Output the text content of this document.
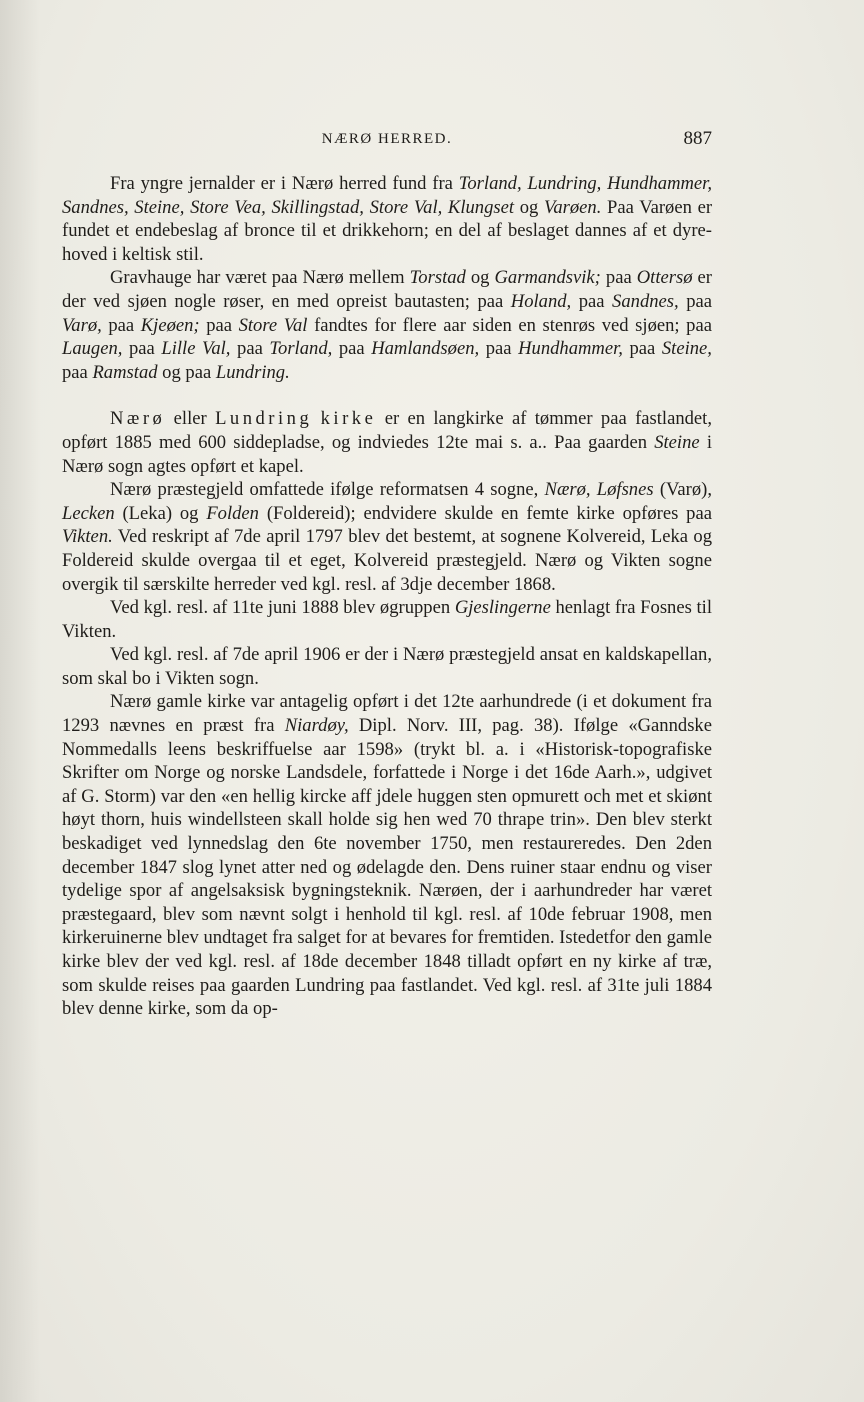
NÆRØ HERRED.	887

Fra yngre jernalder er i Nærø herred fund fra Torland, Lundring, Hundhammer, Sandnes, Steine, Store Vea, Skillingstad, Store Val, Klungset og Varøen. Paa Varøen er fundet et endebeslag af bronce til et drikkehorn; en del af beslaget dannes af et dyrehoved i keltisk stil.

Gravhauge har været paa Nærø mellem Torstad og Garmandsvik; paa Ottersø er der ved sjøen nogle røser, en med opreist bautasten; paa Holand, paa Sandnes, paa Varø, paa Kjeøen; paa Store Val fandtes for flere aar siden en stenrøs ved sjøen; paa Laugen, paa Lille Val, paa Torland, paa Hamlandsøen, paa Hundhammer, paa Steine, paa Ramstad og paa Lundring.

Nærø eller Lundring kirke er en langkirke af tømmer paa fastlandet, opført 1885 med 600 siddepladse, og indviedes 12te mai s. a.. Paa gaarden Steine i Nærø sogn agtes opført et kapel.

Nærø præstegjeld omfattede ifølge reformatsen 4 sogne, Nærø, Løfsnes (Varø), Lecken (Leka) og Folden (Foldereid); endvidere skulde en femte kirke opføres paa Vikten. Ved reskript af 7de april 1797 blev det bestemt, at sognene Kolvereid, Leka og Foldereid skulde overgaa til et eget, Kolvereid præstegjeld. Nærø og Vikten sogne overgik til særskilte herreder ved kgl. resl. af 3dje december 1868.

Ved kgl. resl. af 11te juni 1888 blev øgruppen Gjeslingerne henlagt fra Fosnes til Vikten.

Ved kgl. resl. af 7de april 1906 er der i Nærø præstegjeld ansat en kaldskapellan, som skal bo i Vikten sogn.

Nærø gamle kirke var antagelig opført i det 12te aarhundrede (i et dokument fra 1293 nævnes en præst fra Niardøy, Dipl. Norv. III, pag. 38). Ifølge «Ganndske Nommedalls leens beskriffuelse aar 1598» (trykt bl. a. i «Historisk-topografiske Skrifter om Norge og norske Landsdele, forfattede i Norge i det 16de Aarh.», udgivet af G. Storm) var den «en hellig kircke aff jdele huggen sten opmurett och met et skiønt høyt thorn, huis windellsteen skall holde sig hen wed 70 thrape trin». Den blev sterkt beskadiget ved lynnedslag den 6te november 1750, men restaureredes. Den 2den december 1847 slog lynet atter ned og ødelagde den. Dens ruiner staar endnu og viser tydelige spor af angelsaksisk bygningsteknik. Nærøen, der i aarhundreder har været præstegaard, blev som nævnt solgt i henhold til kgl. resl. af 10de februar 1908, men kirkeruinerne blev undtaget fra salget for at bevares for fremtiden. Istedetfor den gamle kirke blev der ved kgl. resl. af 18de december 1848 tilladt opført en ny kirke af træ, som skulde reises paa gaarden Lundring paa fastlandet. Ved kgl. resl. af 31te juli 1884 blev denne kirke, som da op-
